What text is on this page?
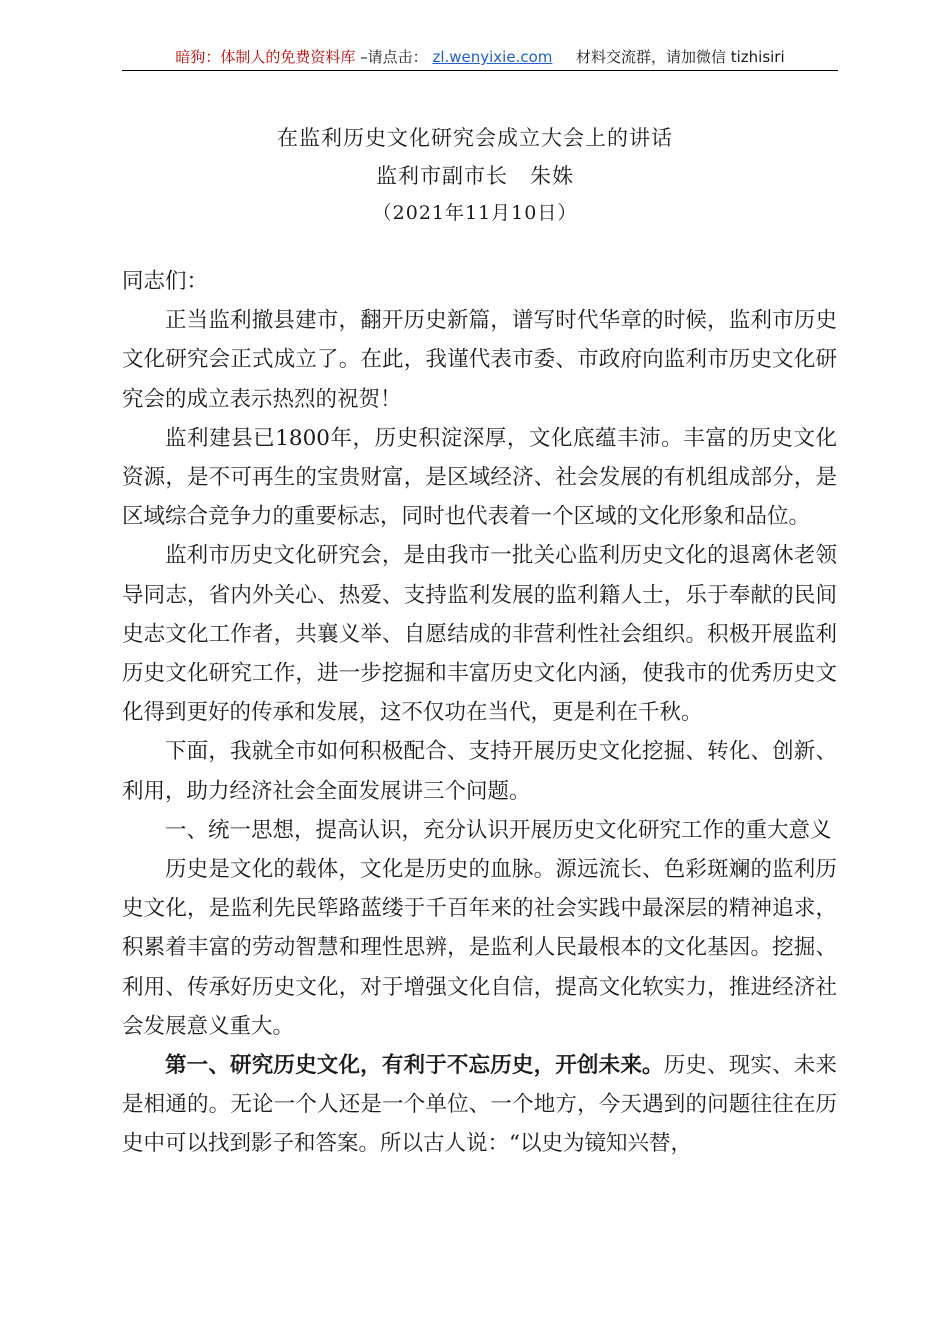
暗狗：体制人的免费资料库 –请点击： zl.wenyixie.com 材料交流群，请加微信 tizhisiri
在监利历史文化研究会成立大会上的讲话
监利市副市长　朱姝
（2021年11月10日）

同志们：

正当监利撤县建市，翻开历史新篇，谱写时代华章的时候，监利市历史文化研究会正式成立了。在此，我谨代表市委、市政府向监利市历史文化研究会的成立表示热烈的祝贺！

监利建县已1800年，历史积淀深厚，文化底蕴丰沛。丰富的历史文化资源，是不可再生的宝贵财富，是区域经济、社会发展的有机组成部分，是区域综合竞争力的重要标志，同时也代表着一个区域的文化形象和品位。

监利市历史文化研究会，是由我市一批关心监利历史文化的退离休老领导同志，省内外关心、热爱、支持监利发展的监利籍人士，乐于奉献的民间史志文化工作者，共襄义举、自愿结成的非营利性社会组织。积极开展监利历史文化研究工作，进一步挖掘和丰富历史文化内涵，使我市的优秀历史文化得到更好的传承和发展，这不仅功在当代，更是利在千秋。

下面，我就全市如何积极配合、支持开展历史文化挖掘、转化、创新、利用，助力经济社会全面发展讲三个问题。

一、统一思想，提高认识，充分认识开展历史文化研究工作的重大意义

历史是文化的载体，文化是历史的血脉。源远流长、色彩斑斓的监利历史文化，是监利先民筚路蓝缕于千百年来的社会实践中最深层的精神追求，积累着丰富的劳动智慧和理性思辨，是监利人民最根本的文化基因。挖掘、利用、传承好历史文化，对于增强文化自信，提高文化软实力，推进经济社会发展意义重大。

第一、研究历史文化，有利于不忘历史，开创未来。历史、现实、未来是相通的。无论一个人还是一个单位、一个地方，今天遇到的问题往往在历史中可以找到影子和答案。所以古人说：“以史为镜知兴替，
